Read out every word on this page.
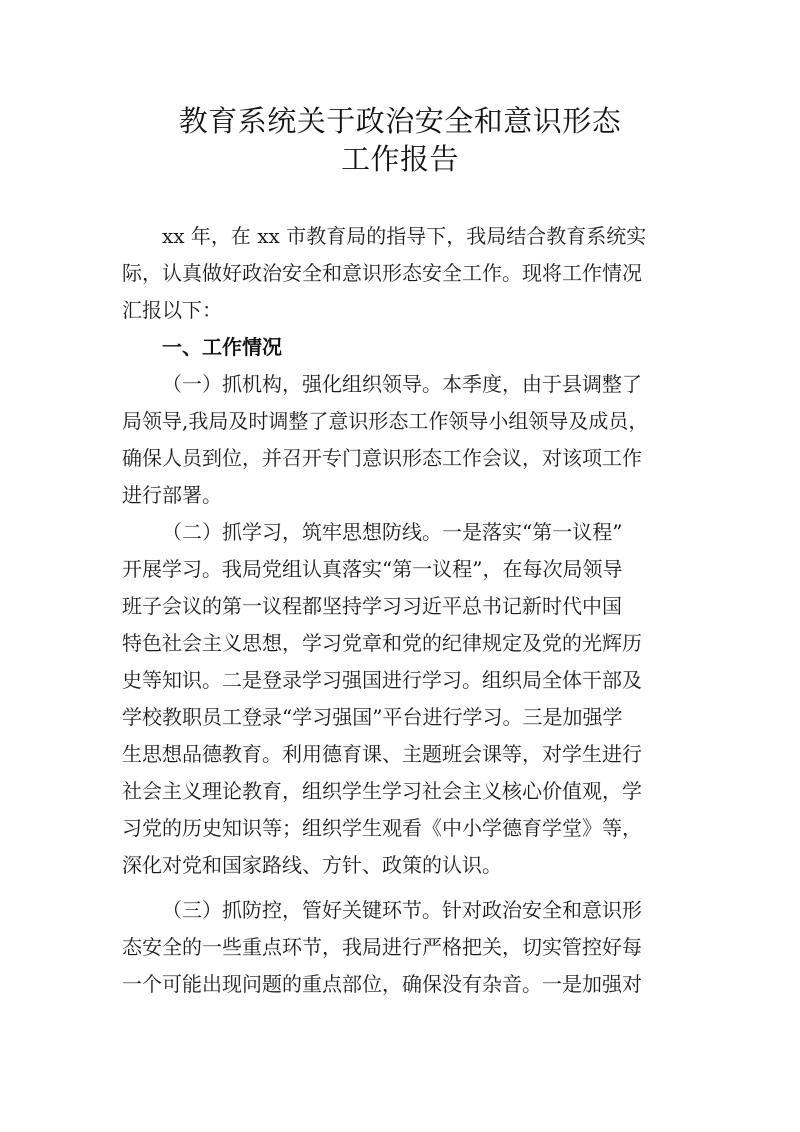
教育系统关于政治安全和意识形态
工作报告
xx 年，在 xx 市教育局的指导下，我局结合教育系统实
际，认真做好政治安全和意识形态安全工作。现将工作情况
汇报以下：
一、工作情况
（一）抓机构，强化组织领导。本季度，由于县调整了
局领导,我局及时调整了意识形态工作领导小组领导及成员，
确保人员到位，并召开专门意识形态工作会议，对该项工作
进行部署。
（二）抓学习，筑牢思想防线。一是落实“第一议程”
开展学习。我局党组认真落实“第一议程”，在每次局领导
班子会议的第一议程都坚持学习习近平总书记新时代中国
特色社会主义思想，学习党章和党的纪律规定及党的光辉历
史等知识。二是登录学习强国进行学习。组织局全体干部及
学校教职员工登录“学习强国”平台进行学习。三是加强学
生思想品德教育。利用德育课、主题班会课等，对学生进行
社会主义理论教育，组织学生学习社会主义核心价值观，学
习党的历史知识等；组织学生观看《中小学德育学堂》等，
深化对党和国家路线、方针、政策的认识。
（三）抓防控，管好关键环节。针对政治安全和意识形
态安全的一些重点环节，我局进行严格把关，切实管控好每
一个可能出现问题的重点部位，确保没有杂音。一是加强对
